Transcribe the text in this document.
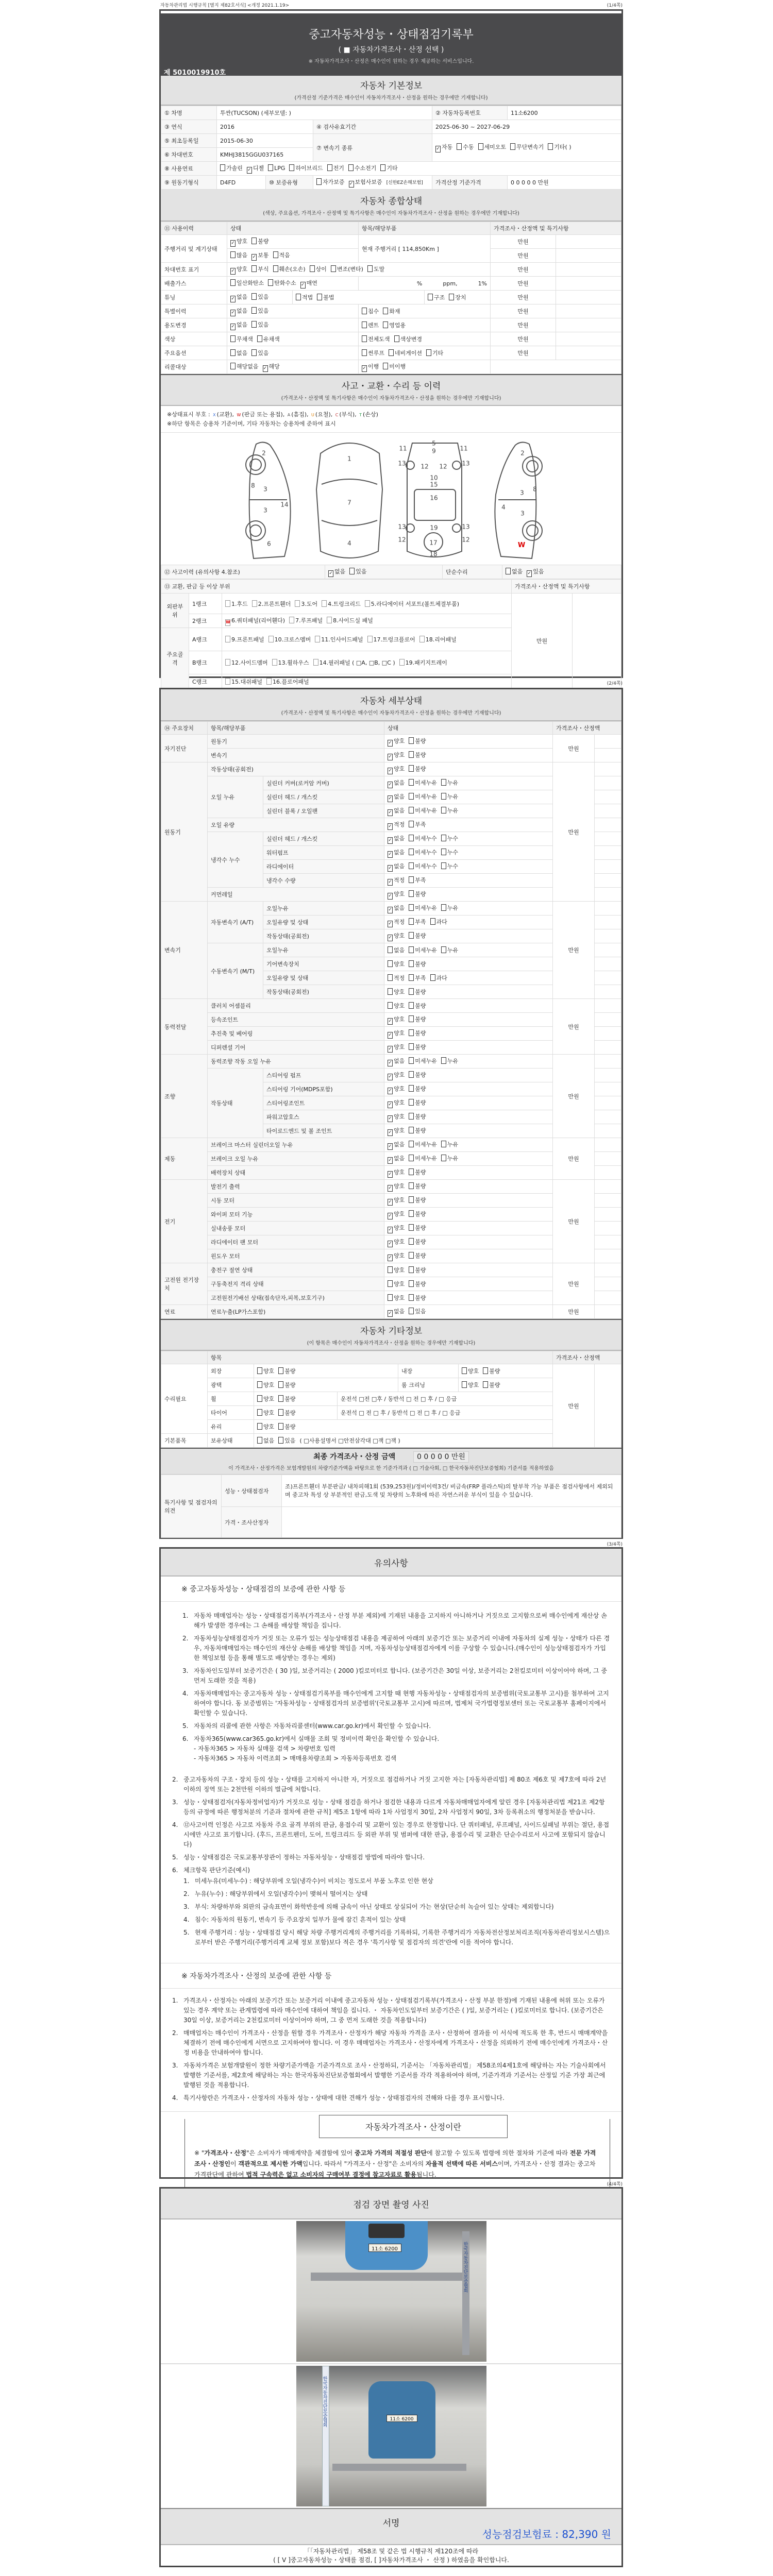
자동차관리법 시행규칙 [별지 제82호서식] <개정 2021.1.19>	(1/4쪽)
중고자동차성능・상태점검기록부
( ■ 자동차가격조사・산정 선택 )
※ 자동차가격조사・산정은 매수인이 원하는 경우 제공하는 서비스입니다.
제 5010019910호
자동차 기본정보
(가격산정 기준가격은 매수인이 자동차가격조사・산정을 원하는 경우에만 기재합니다)
① 차명	투싼(TUCSON) (세부모델: )			② 자동차등록번호	11소6200
③ 연식	2016		④ 검사유효기간	2025-06-30 ~ 2027-06-29	
⑤ 최초등록일	2015-06-30		⑦ 변속기 종류	✓ 자동 수동 세미오토 무단변속기 기타( )	
⑥ 차대번호	KMHJ3815GGU037165				
⑧ 사용연료	가솔린 ✓ 디젤 LPG 하이브리드 전기 수소전기 기타				
⑨ 원동기형식	D4FD	⑩ 보증유형	자가보증 ✓ 보험사보증 [신한EZ손해보험]	가격산정 기준가격	0 0 0 0 0 만원
자동차 종합상태
(색상, 주요옵션, 가격조사・산정액 및 특기사항은 매수인이 자동차가격조사・산정을 원하는 경우에만 기재합니다)
⑪ 사용이력	상태		항목/해당부품		가격조사・산정액 및 특기사항	
주행거리 및 계기상태	✓ 양호 불량		현재 주행거리 [ 114,850Km ]		만원	
	많음 ✓ 보통 적음				만원	
차대번호 표기	✓ 양호 부식 훼손(오손) 상이 변조(변타) 도말				만원	
배출가스	일산화탄소 탄화수소 ✓ 매연		% ppm, 1%		만원	
튜닝	✓ 없음 있음	적법 불법		구조 장치	만원	
특별이력	✓ 없음 있음		침수 화재		만원	
용도변경	✓ 없음 있음		렌트 영업용		만원	
색상	무채색 유채색		전체도색 색상변경		만원	
주요옵션	없음 있음		썬루프 네비게이션 기타		만원	
리콜대상	해당없음 ✓ 해당		✓ 이행 미이행			
사고・교환・수리 등 이력
(가격조사・산정액 및 특기사항은 매수인이 자동차가격조사・산정을 원하는 경우에만 기재합니다)
※상태표시 부호 : X (교환), W (판금 또는 용접), A (흠집), U (요철), C (부식), T (손상)
※하단 항목은 승용차 기준이며, 기타 자동차는 승용차에 준하여 표시
2
8 3
14
3
6
1
7
4
5
9
11	11
13	13
12 12
10
15
16
19
13	13
12	12
17
18
2
3 8
4
3
W
⑫ 사고이력 (유의사항 4.참조)	✓ 없음 있음	단순수리	없음 ✓ 있음
⑬ 교환, 판금 등 이상 부위			가격조사・산정액 및 특기사항	
외판부위	1랭크	1.후드 2.프론트휀더 3.도어 4.트렁크리드 5.라디에이터 서포트(볼트체결부품)	만원	
	2랭크	W 6.쿼터패널(리어휀다) 7.루프패널 8.사이드실 패널		
주요골격	A랭크	9.프론트패널 10.크로스멤버 11.인사이드패널 17.트렁크플로어 18.리어패널		
	B랭크	12.사이드멤버 13.휠하우스 14.필러패널 ( □A, □B, □C ) 19.패키지트레이		
	C랭크	15.대쉬패널 16.플로어패널			(2/4쪽)
자동차 세부상태
(가격조사・산정액 및 특기사항은 매수인이 자동차가격조사・산정을 원하는 경우에만 기재합니다)
⑭ 주요장치	항목/해당부품		상태	가격조사・산정액	
자기진단	원동기		✓ 양호 불량	만원	
	변속기		✓ 양호 불량		
원동기	작동상태(공회전)		✓ 양호 불량	만원	
	오일 누유	실린더 커버(로커암 커버)	✓ 없음 미세누유 누유		
		실린더 헤드 / 개스킷	✓ 없음 미세누유 누유		
		실린더 블록 / 오일팬	✓ 없음 미세누유 누유		
	오일 유량		✓ 적정 부족		
	냉각수 누수	실린더 헤드 / 개스킷	✓ 없음 미세누수 누수		
		워터펌프	✓ 없음 미세누수 누수		
		라디에이터	✓ 없음 미세누수 누수		
		냉각수 수량	✓ 적정 부족		
	커먼레일		✓ 양호 불량		
변속기	자동변속기 (A/T)	오일누유	✓ 없음 미세누유 누유	만원	
		오일유량 및 상태	✓ 적정 부족 과다		
		작동상태(공회전)	✓ 양호 불량		
	수동변속기 (M/T)	오일누유	없음 미세누유 누유		
		기어변속장치	양호 불량		
		오일유량 및 상태	적정 부족 과다		
		작동상태(공회전)	양호 불량		
동력전달	클러치 어셈블리		양호 불량	만원	
	등속조인트		✓ 양호 불량		
	추진축 및 베어링		✓ 양호 불량		
	디퍼렌셜 기어		✓ 양호 불량		
조향	동력조향 작동 오일 누유		✓ 없음 미세누유 누유	만원	
	작동상태	스티어링 펌프	✓ 양호 불량		
		스티어링 기어(MDPS포함)	✓ 양호 불량		
		스티어링조인트	✓ 양호 불량		
		파워고압호스	✓ 양호 불량		
		타이로드엔드 및 볼 조인트	✓ 양호 불량		
제동	브레이크 마스터 실린더오일 누유		✓ 없음 미세누유 누유	만원	
	브레이크 오일 누유		✓ 없음 미세누유 누유		
	배력장치 상태		✓ 양호 불량		
전기	발전기 출력		✓ 양호 불량	만원	
	시동 모터		✓ 양호 불량		
	와이퍼 모터 기능		✓ 양호 불량		
	실내송풍 모터		✓ 양호 불량		
	라디에이터 팬 모터		✓ 양호 불량		
	윈도우 모터		✓ 양호 불량		
고전원 전기장치	충전구 절연 상태		양호 불량	만원	
	구동축전지 격리 상태		양호 불량		
	고전원전기배선 상태(접속단자,피복,보호기구)		양호 불량		
연료	연료누출(LP가스포함)		✓ 없음 있음	만원	
자동차 기타정보
(이 항목은 매수인이 자동차가격조사・산정을 원하는 경우에만 기재합니다)
	항목					가격조사・산정액	
수리필요	외장	양호 불량		내장	양호 불량	만원	
	광택	양호 불량		룸 크리닝	양호 불량		
	휠	양호 불량	운전석 □전 □후 / 동반석 □ 전 □ 후 / □ 응급				
	타이어	양호 불량	운전석 □ 전 □ 후 / 동반석 □ 전 □ 후 / □ 응급				
	유리	양호 불량					
기본품목	보유상태	없음 있음 ( □사용설명서 □안전삼각대 □잭 □잭 )					
최종 가격조사・산정 금액	0 0 0 0 0 만원
이 가격조사・산정가격은 보험개발원의 차량기준가액을 바탕으로 한 기준가격과 ( □ 기술사회, □ 한국자동차진단보증협회) 기준서를 적용하였음
특기사항 및 점검자의 의견	성능・상태점검자	조)프론트휀더 부분판금/ 내차피해1회 (539,253원)/정비이력3건/ 비금속(FRP 플라스틱)의 탈부착 가능 부품은 점검사항에서 제외되며 중고차 특성 상 부분적인 판금,도색 및 차량의 노후화에 따른 자연스러운 부식이 있을 수 있습니다.
	가격・조사산정자	
(3/4쪽)
유의사항
※ 중고자동차성능・상태점검의 보증에 관한 사항 등
1. 자동차 매매업자는 성능・상태점검기록부(가격조사・산정 부분 제외)에 기재된 내용을 고지하지 아니하거나 거짓으로 고지함으로써 매수인에게 재산상 손해가 발생한 경우에는 그 손해를 배상할 책임을 집니다.
2. 자동차성능상태점검자가 거짓 또는 오류가 있는 성능상태점검 내용을 제공하여 아래의 보증기간 또는 보증거리 이내에 자동차의 실제 성능・상태가 다른 경우, 자동차매매업자는 매수인의 재산상 손해를 배상할 책임을 지며, 자동차성능상태점검자에게 이를 구상할 수 있습니다.(매수인이 성능상태점검자가 가입한 책임보험 등을 통해 별도로 배상받는 경우는 제외)
3. 자동차인도일부터 보증기간은 ( 30 )일, 보증거리는 ( 2000 )킬로미터로 합니다. (보증기간은 30일 이상, 보증거리는 2천킬로미터 이상이어야 하며, 그 중 먼저 도래한 것을 적용)
4. 자동차매매업자는 중고자동차 성능・상태점검기록부를 매수인에게 고지할 때 현행 자동차성능・상태점검자의 보증범위(국토교통부 고시)를 첨부하여 고지하여야 합니다. 동 보증범위는 '자동차성능・상태점검자의 보증범위'(국토교통부 고시)에 따르며, 법제처 국가법령정보센터 또는 국토교통부 홈페이지에서 확인할 수 있습니다.
5. 자동차의 리콜에 관한 사항은 자동차리콜센터(www.car.go.kr)에서 확인할 수 있습니다.
6. 자동차365(www.car365.go.kr)에서 실매물 조회 및 정비이력 확인을 확인할 수 있습니다.
- 자동차365 > 자동차 실매물 검색 > 차량번호 입력
- 자동차365 > 자동차 이력조회 > 매매용차량조회 > 자동차등록번호 검색
2. 중고자동차의 구조・장치 등의 성능・상태를 고지하지 아니한 자, 거짓으로 점검하거나 거짓 고지한 자는 [자동차관리법] 제 80조 제6호 및 제7호에 따라 2년 이하의 징역 또는 2천만원 이하의 벌금에 처합니다.
3. 성능・상태점검자(자동차정비업자)가 거짓으로 성능・상태 점검을 하거나 점검한 내용과 다르게 자동차매매업자에게 알린 경우 [자동차관리법 제21조 제2항 등의 규정에 따른 행정처분의 기준과 절차에 관한 규칙] 제5조 1항에 따라 1차 사업정지 30일, 2차 사업정지 90일, 3차 등록취소의 행정처분을 받습니다.
4. ⑫사고이력 인정은 사고로 자동차 주요 골격 부위의 판금, 용접수리 및 교환이 있는 경우로 한정합니다. 단 쿼터패널, 루프패널, 사이드실패널 부위는 절단, 용접 시에만 사고로 표기합니다. (후드, 프론트펜더, 도어, 트렁크리드 등 외판 부위 및 범퍼에 대한 판금, 용접수리 및 교환은 단순수리로서 사고에 포함되지 않습니다)
5. 성능・상태점검은 국토교통부장관이 정하는 자동차성능・상태점검 방법에 따라야 합니다.
6. 체크항목 판단기준(예시)
1. 미세누유(미세누수) : 해당부위에 오일(냉각수)이 비치는 정도로서 부품 노후로 인한 현상
2. 누유(누수) : 해당부위에서 오일(냉각수)이 맺혀서 떨어지는 상태
3. 부식: 차량하부와 외판의 금속표면이 화학반응에 의해 금속이 아닌 상태로 상실되어 가는 현상(단순히 녹슬어 있는 상태는 제외합니다)
4. 침수: 자동차의 원동기, 변속기 등 주요장치 일부가 물에 잠긴 흔적이 있는 상태
5. 현재 주행거리 : 성능・상태점검 당시 해당 차량 주행거리계의 주행거리를 기록하되, 기록한 주행거리가 자동차전산정보처리조직(자동차관리정보시스템)으로부터 받은 주행거리(주행거리계 교체 정보 포함)보다 적은 경우 '특기사항 및 점검자의 의견'란에 이를 적어야 합니다.
※ 자동차가격조사・산정의 보증에 관한 사항 등
1. 가격조사・산정자는 아래의 보증기간 또는 보증거리 이내에 중고자동차 성능・상태점검기록부(가격조사・산정 부분 한정)에 기재된 내용에 허위 또는 오류가 있는 경우 계약 또는 관계법령에 따라 매수인에 대하여 책임을 집니다. ・ 자동차인도일부터 보증기간은 ( )일, 보증거리는 ( )킬로미터로 합니다. (보증기간은 30일 이상, 보증거리는 2천킬로미터 이상이어야 하며, 그 중 먼저 도래한 것을 적용합니다)
2. 매매업자는 매수인이 가격조사・산정을 원할 경우 가격조사・산정자가 해당 자동차 가격을 조사・산정하여 결과를 이 서식에 적도록 한 후, 반드시 매매계약을 체결하기 전에 매수인에게 서면으로 고지하여야 합니다. 이 경우 매매업자는 가격조사・산정자에게 가격조사・산정을 의뢰하기 전에 매수인에게 가격조사・산정 비용을 안내하여야 합니다.
3. 자동차가격은 보험개발원이 정한 차량기준가액을 기준가격으로 조사・산정하되, 기준서는 「자동차관리법」 제58조의4제1호에 해당하는 자는 기술사회에서 발행한 기준서를, 제2호에 해당하는 자는 한국자동차진단보증협회에서 발행한 기준서를 각각 적용하여야 하며, 기준가격과 기준서는 산정일 기준 가장 최근에 발행된 것을 적용합니다.
4. 특기사항란은 가격조사・산정자의 자동차 성능・상태에 대한 견해가 성능・상태점검자의 견해와 다를 경우 표시합니다.
자동차가격조사・산정이란
※ "가격조사・산정"은 소비자가 매매계약을 체결함에 있어 중고차 가격의 적절성 판단에 참고할 수 있도록 법령에 의한 절차와 기준에 따라 전문 가격조사・산정인이 객관적으로 제시한 가액입니다. 따라서 "가격조사・산정"은 소비자의 자율적 선택에 따른 서비스이며, 가격조사・산정 결과는 중고차 가격판단에 관하여 법적 구속력은 없고 소비자의 구매여부 결정에 참고자료로 활용됩니다.
(4/4쪽)
점검 장면 촬영 사진
11소 6200	한국자동차진단보증협회
11소 6200
한국자동차진단보증협회
서명
성능점검보험료 : 82,390 원
「「자동차관리법」 제58조 및 같은 법 시행규칙 제120조에 따라
( [ V ]중고자동차성능・상태를 점검, [ ]자동차가격조사 ・ 산정 ) 하였음을 확인합니다.
